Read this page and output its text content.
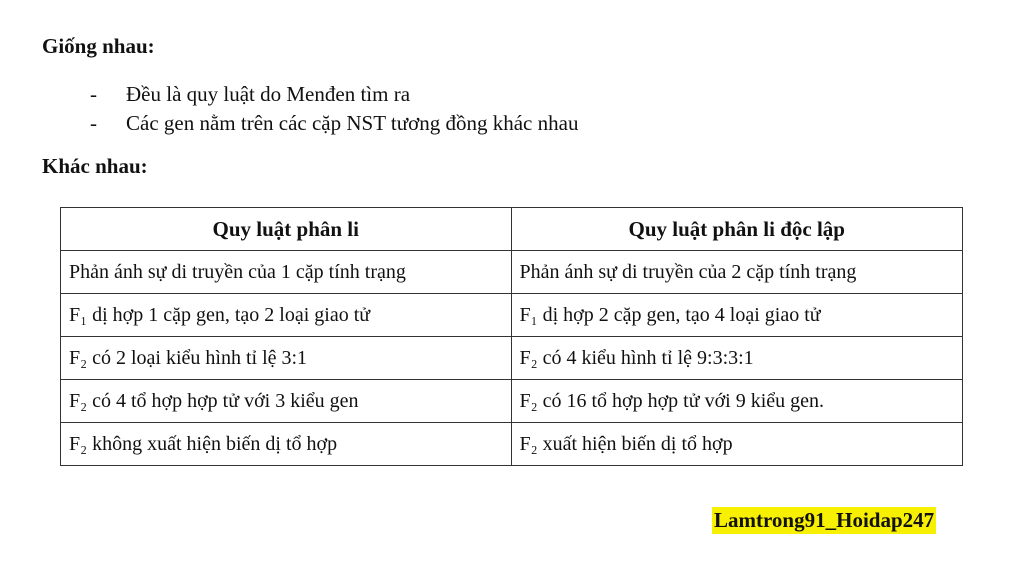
Giống nhau:

- Đều là quy luật do Menđen tìm ra
- Các gen nằm trên các cặp NST tương đồng khác nhau

Khác nhau:

Quy luật phân li	Quy luật phân li độc lập
Phản ánh sự di truyền của 1 cặp tính trạng	Phản ánh sự di truyền của 2 cặp tính trạng
F₁ dị hợp 1 cặp gen, tạo 2 loại giao tử	F₁ dị hợp 2 cặp gen, tạo 4 loại giao tử
F₂ có 2 loại kiểu hình tỉ lệ 3:1	F₂ có 4 kiểu hình tỉ lệ 9:3:3:1
F₂ có 4 tổ hợp hợp tử với 3 kiểu gen	F₂ có 16 tổ hợp hợp tử với 9 kiểu gen.
F₂ không xuất hiện biến dị tổ hợp	F₂ xuất hiện biến dị tổ hợp
Lamtrong91_Hoidap247
